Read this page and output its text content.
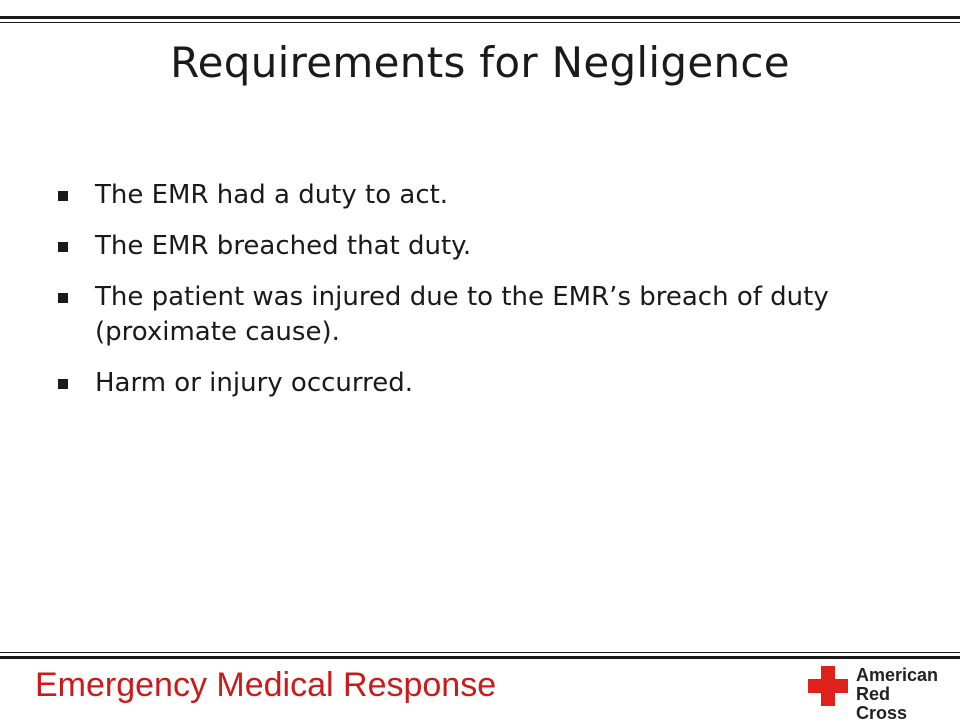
Requirements for Negligence
The EMR had a duty to act.
The EMR breached that duty.
The patient was injured due to the EMR’s breach of duty (proximate cause).
Harm or injury occurred.
Emergency Medical Response	American
Red Cross
